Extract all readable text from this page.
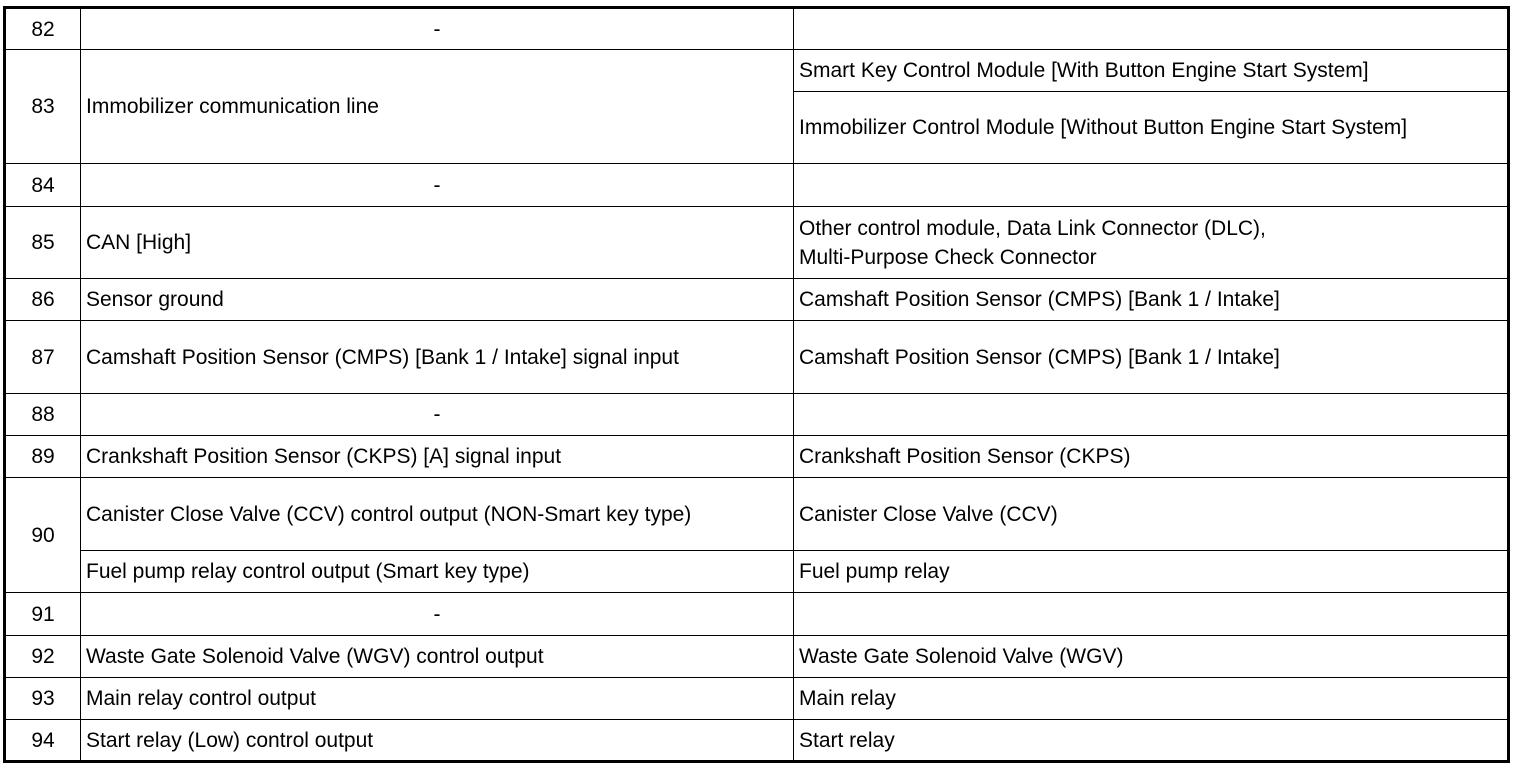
82	-	
83	Immobilizer communication line	Smart Key Control Module [With Button Engine Start System]
		Immobilizer Control Module [Without Button Engine Start System]
84	-	
85	CAN [High]	Other control module, Data Link Connector (DLC),
Multi-Purpose Check Connector

86	Sensor ground	Camshaft Position Sensor (CMPS) [Bank 1 / Intake]
87	Camshaft Position Sensor (CMPS) [Bank 1 / Intake] signal input	Camshaft Position Sensor (CMPS) [Bank 1 / Intake]
88	-	
89	Crankshaft Position Sensor (CKPS) [A] signal input	Crankshaft Position Sensor (CKPS)
90	Canister Close Valve (CCV) control output (NON-Smart key type)	Canister Close Valve (CCV)
	Fuel pump relay control output (Smart key type)	Fuel pump relay
91	-	
92	Waste Gate Solenoid Valve (WGV) control output	Waste Gate Solenoid Valve (WGV)
93	Main relay control output	Main relay
94	Start relay (Low) control output	Start relay
